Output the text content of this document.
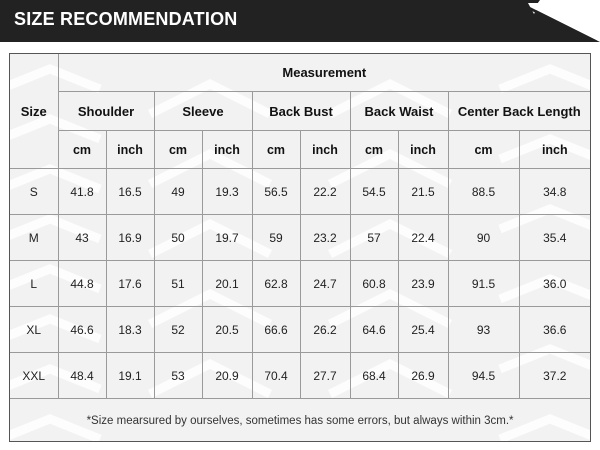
SIZE RECOMMENDATION
Size	Measurement									
	Shoulder		Sleeve		Back Bust		Back Waist		Center Back Length	
	cm	inch	cm	inch	cm	inch	cm	inch	cm	inch
S	41.8	16.5	49	19.3	56.5	22.2	54.5	21.5	88.5	34.8
M	43	16.9	50	19.7	59	23.2	57	22.4	90	35.4
L	44.8	17.6	51	20.1	62.8	24.7	60.8	23.9	91.5	36.0
XL	46.6	18.3	52	20.5	66.6	26.2	64.6	25.4	93	36.6
XXL	48.4	19.1	53	20.9	70.4	27.7	68.4	26.9	94.5	37.2
*Size mearsured by ourselves, sometimes has some errors, but always within 3cm.*										
